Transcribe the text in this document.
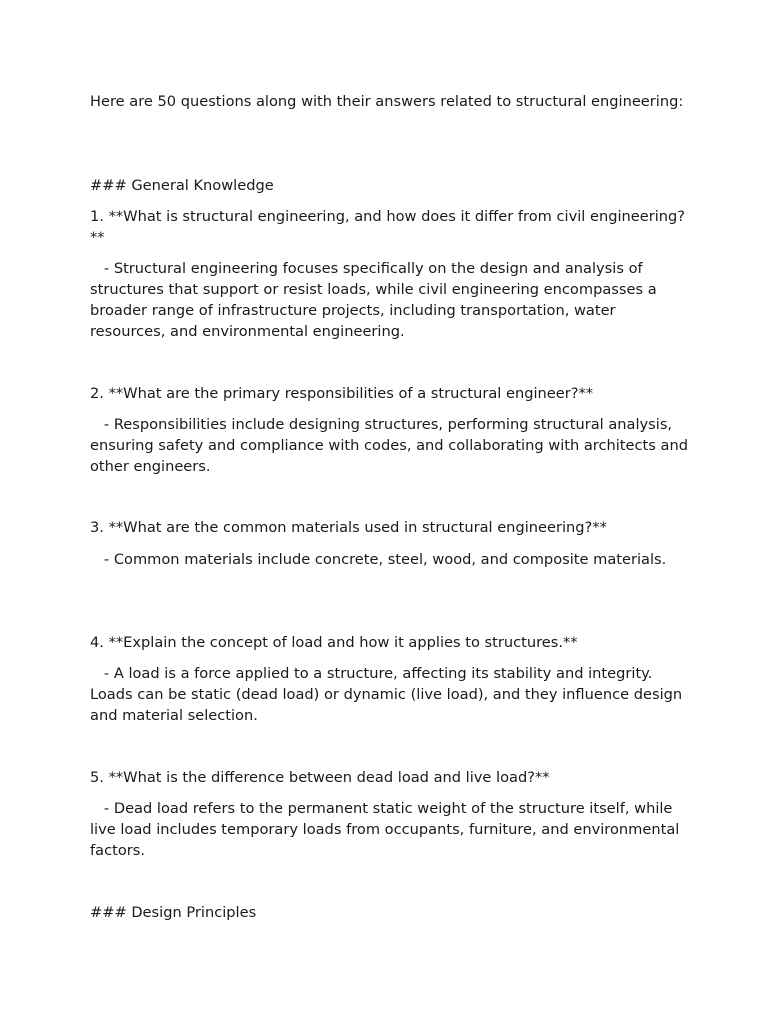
Here are 50 questions along with their answers related to structural engineering:

### General Knowledge

1. **What is structural engineering, and how does it differ from civil engineering?**

- Structural engineering focuses specifically on the design and analysis of structures that support or resist loads, while civil engineering encompasses a broader range of infrastructure projects, including transportation, water resources, and environmental engineering.

2. **What are the primary responsibilities of a structural engineer?**

- Responsibilities include designing structures, performing structural analysis, ensuring safety and compliance with codes, and collaborating with architects and other engineers.

3. **What are the common materials used in structural engineering?**

- Common materials include concrete, steel, wood, and composite materials.

4. **Explain the concept of load and how it applies to structures.**

- A load is a force applied to a structure, affecting its stability and integrity. Loads can be static (dead load) or dynamic (live load), and they influence design and material selection.

5. **What is the difference between dead load and live load?**

- Dead load refers to the permanent static weight of the structure itself, while live load includes temporary loads from occupants, furniture, and environmental factors.

### Design Principles
